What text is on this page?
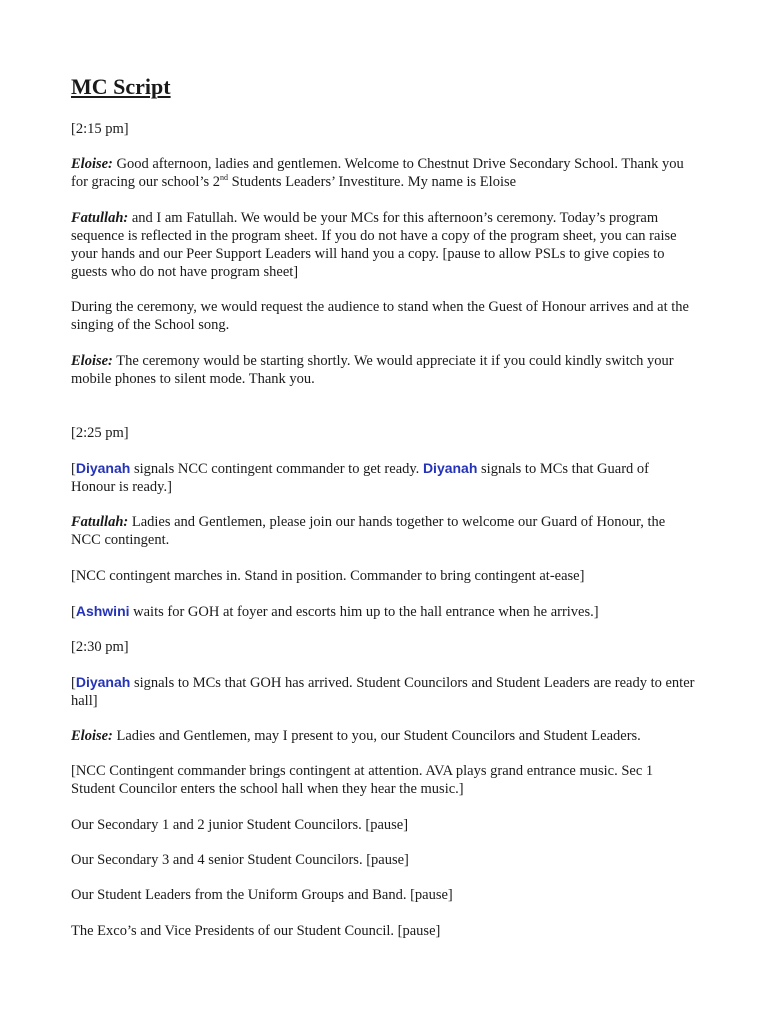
MC Script

[2:15 pm]

Eloise: Good afternoon, ladies and gentlemen. Welcome to Chestnut Drive Secondary School. Thank you for gracing our school’s 2nd Students Leaders’ Investiture. My name is Eloise

Fatullah: and I am Fatullah. We would be your MCs for this afternoon’s ceremony. Today’s program sequence is reflected in the program sheet. If you do not have a copy of the program sheet, you can raise your hands and our Peer Support Leaders will hand you a copy. [pause to allow PSLs to give copies to guests who do not have program sheet]

During the ceremony, we would request the audience to stand when the Guest of Honour arrives and at the singing of the School song.

Eloise: The ceremony would be starting shortly. We would appreciate it if you could kindly switch your mobile phones to silent mode. Thank you.

[2:25 pm]

[Diyanah signals NCC contingent commander to get ready. Diyanah signals to MCs that Guard of Honour is ready.]

Fatullah: Ladies and Gentlemen, please join our hands together to welcome our Guard of Honour, the NCC contingent.

[NCC contingent marches in. Stand in position. Commander to bring contingent at-ease]

[Ashwini waits for GOH at foyer and escorts him up to the hall entrance when he arrives.]

[2:30 pm]

[Diyanah signals to MCs that GOH has arrived. Student Councilors and Student Leaders are ready to enter hall]

Eloise: Ladies and Gentlemen, may I present to you, our Student Councilors and Student Leaders.

[NCC Contingent commander brings contingent at attention. AVA plays grand entrance music. Sec 1 Student Councilor enters the school hall when they hear the music.]

Our Secondary 1 and 2 junior Student Councilors. [pause]

Our Secondary 3 and 4 senior Student Councilors. [pause]

Our Student Leaders from the Uniform Groups and Band. [pause]

The Exco’s and Vice Presidents of our Student Council. [pause]
